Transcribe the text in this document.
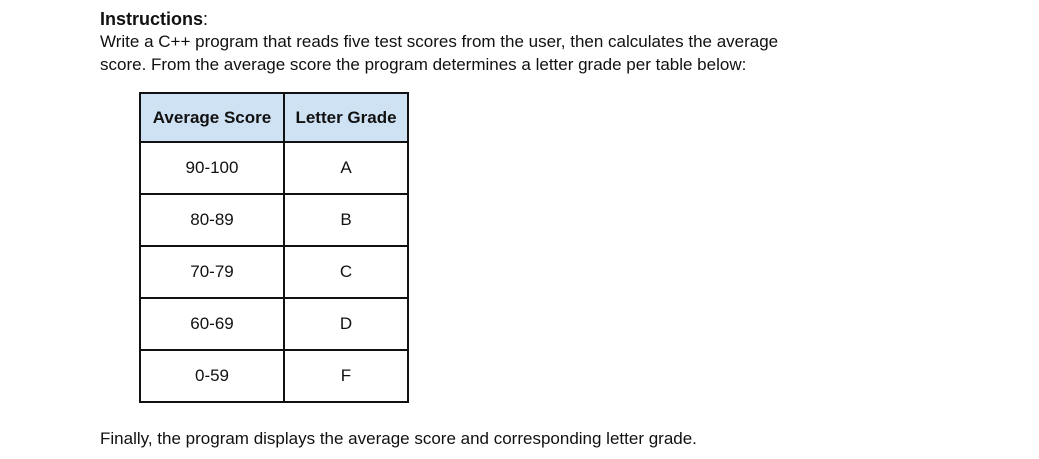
Instructions:

Write a C++ program that reads five test scores from the user, then calculates the average

score. From the average score the program determines a letter grade per table below:

Average Score	Letter Grade
90-100	A
80-89	B
70-79	C
60-69	D
0-59	F

Finally, the program displays the average score and corresponding letter grade.
